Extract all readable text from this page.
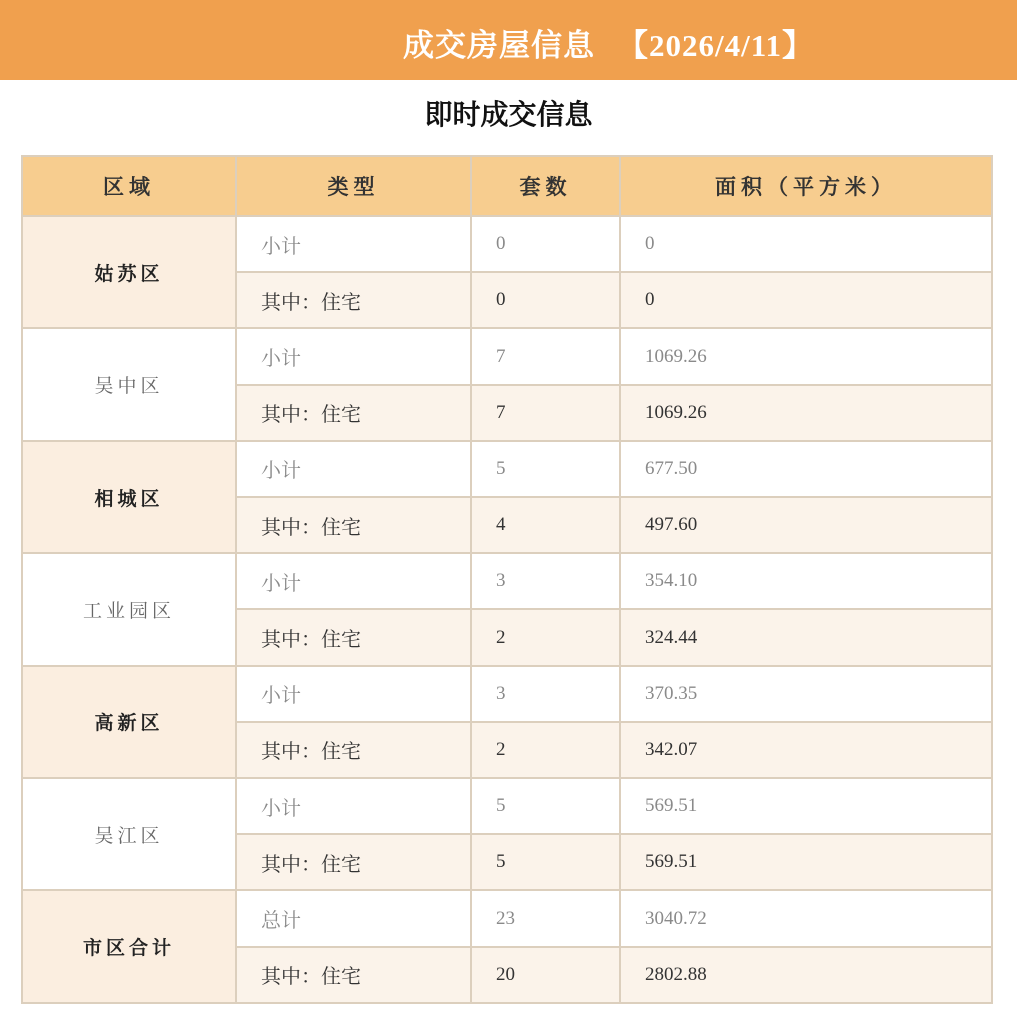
成交房屋信息 【2026/4/11】
即时成交信息
区域	类型	套数	面积（平方米）
姑苏区	小计	0	0
	其中：住宅	0	0
吴中区	小计	7	1069.26
	其中：住宅	7	1069.26
相城区	小计	5	677.50
	其中：住宅	4	497.60
工业园区	小计	3	354.10
	其中：住宅	2	324.44
高新区	小计	3	370.35
	其中：住宅	2	342.07
吴江区	小计	5	569.51
	其中：住宅	5	569.51
市区合计	总计	23	3040.72
	其中：住宅	20	2802.88
